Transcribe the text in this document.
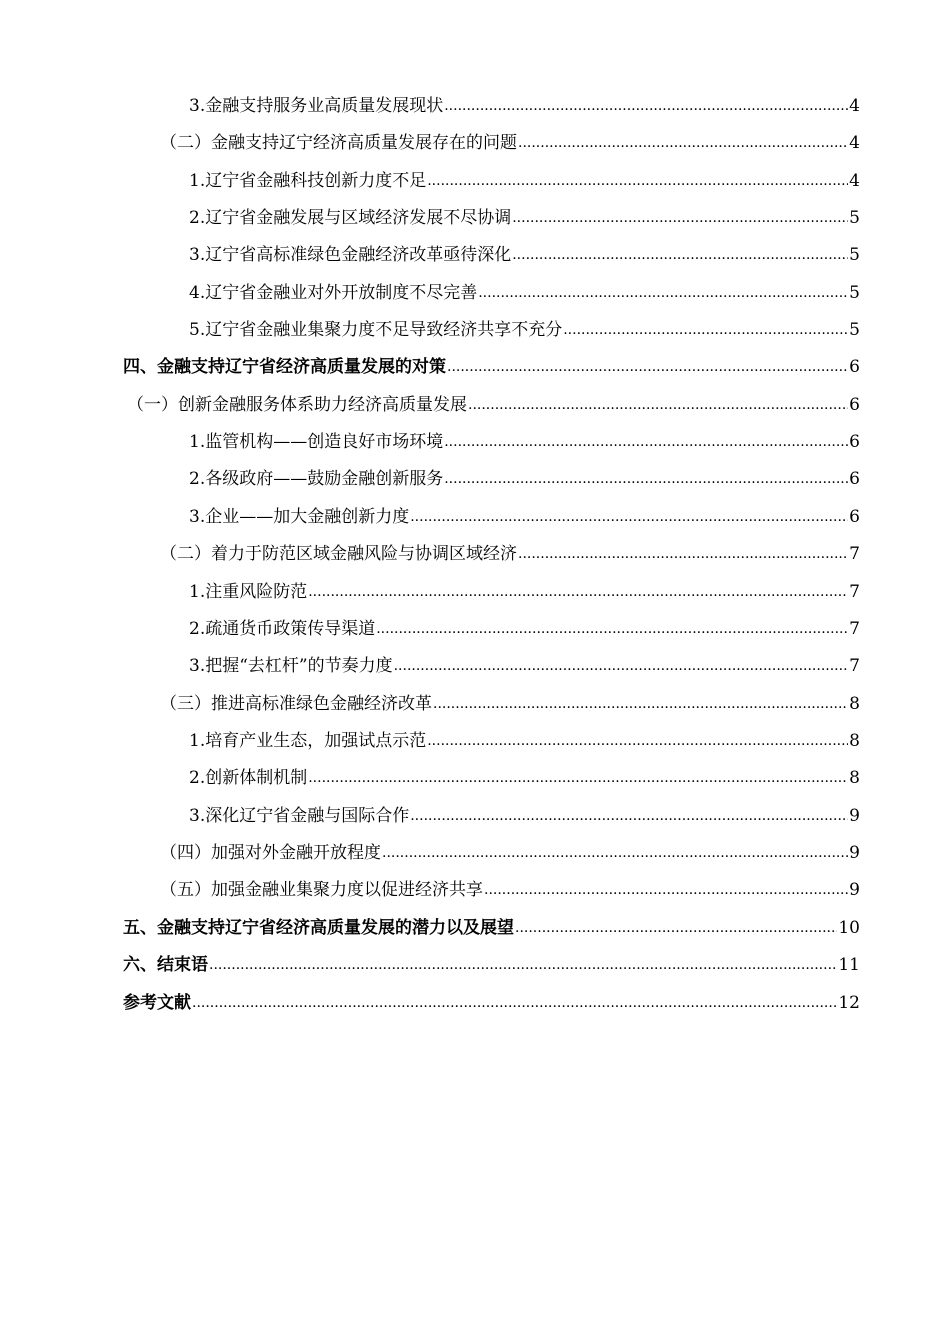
3.金融支持服务业高质量发展现状 .....	4
（二）金融支持辽宁经济高质量发展存在的问题 .....	4
1.辽宁省金融科技创新力度不足 .....	4
2.辽宁省金融发展与区域经济发展不尽协调 .....	5
3.辽宁省高标准绿色金融经济改革亟待深化 .....	5
4.辽宁省金融业对外开放制度不尽完善 .....	5
5.辽宁省金融业集聚力度不足导致经济共享不充分 .....	5
四、金融支持辽宁省经济高质量发展的对策 .....	6
（一）创新金融服务体系助力经济高质量发展 .....	6
1.监管机构——创造良好市场环境 .....	6
2.各级政府——鼓励金融创新服务 .....	6
3.企业——加大金融创新力度 .....	6
（二）着力于防范区域金融风险与协调区域经济 .....	7
1.注重风险防范 .....	7
2.疏通货币政策传导渠道 .....	7
3.把握“去杠杆”的节奏力度 .....	7
（三）推进高标准绿色金融经济改革 .....	8
1.培育产业生态，加强试点示范 .....	8
2.创新体制机制 .....	8
3.深化辽宁省金融与国际合作 .....	9
（四）加强对外金融开放程度 .....	9
（五）加强金融业集聚力度以促进经济共享 .....	9
五、金融支持辽宁省经济高质量发展的潜力以及展望 .....	10
六、结束语 .....	11
参考文献 .....	12
